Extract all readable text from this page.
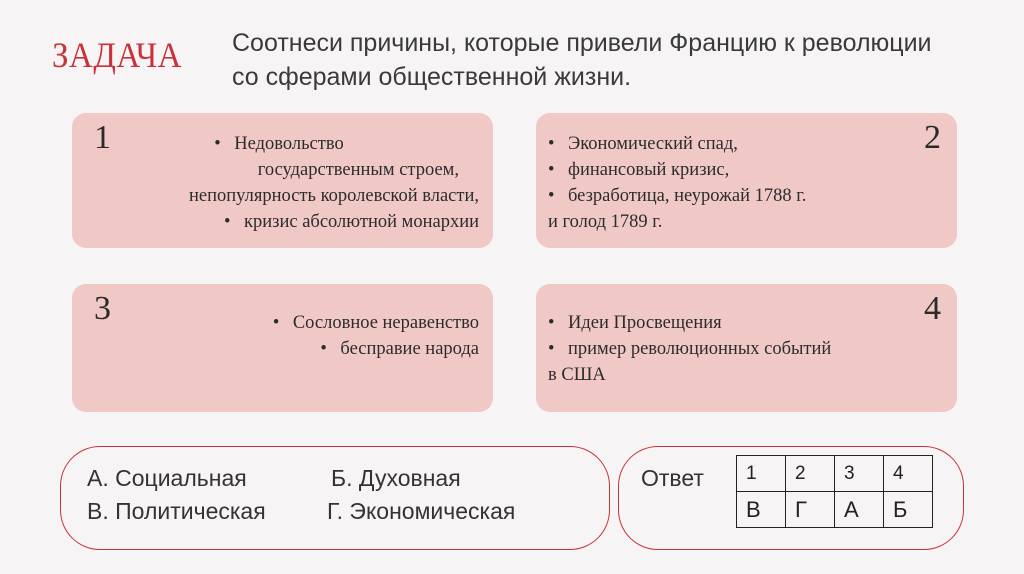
ЗАДАЧА Соотнеси причины, которые привели Францию к революции со сферами общественной жизни.
1	• Недовольство
государственным строем,
непопулярность королевской власти,
• кризис абсолютной монархии
2
• Экономический спад,
• финансовый кризис,
• безработица, неурожай 1788 г.
и голод 1789 г.
3	• Сословное неравенство
• бесправие народа
4
• Идеи Просвещения
• пример революционных событий
в США
А. Социальная	Б. Духовная
В. Политическая	Г. Экономическая
Ответ 1	2	3	4
В	Г	А	Б
